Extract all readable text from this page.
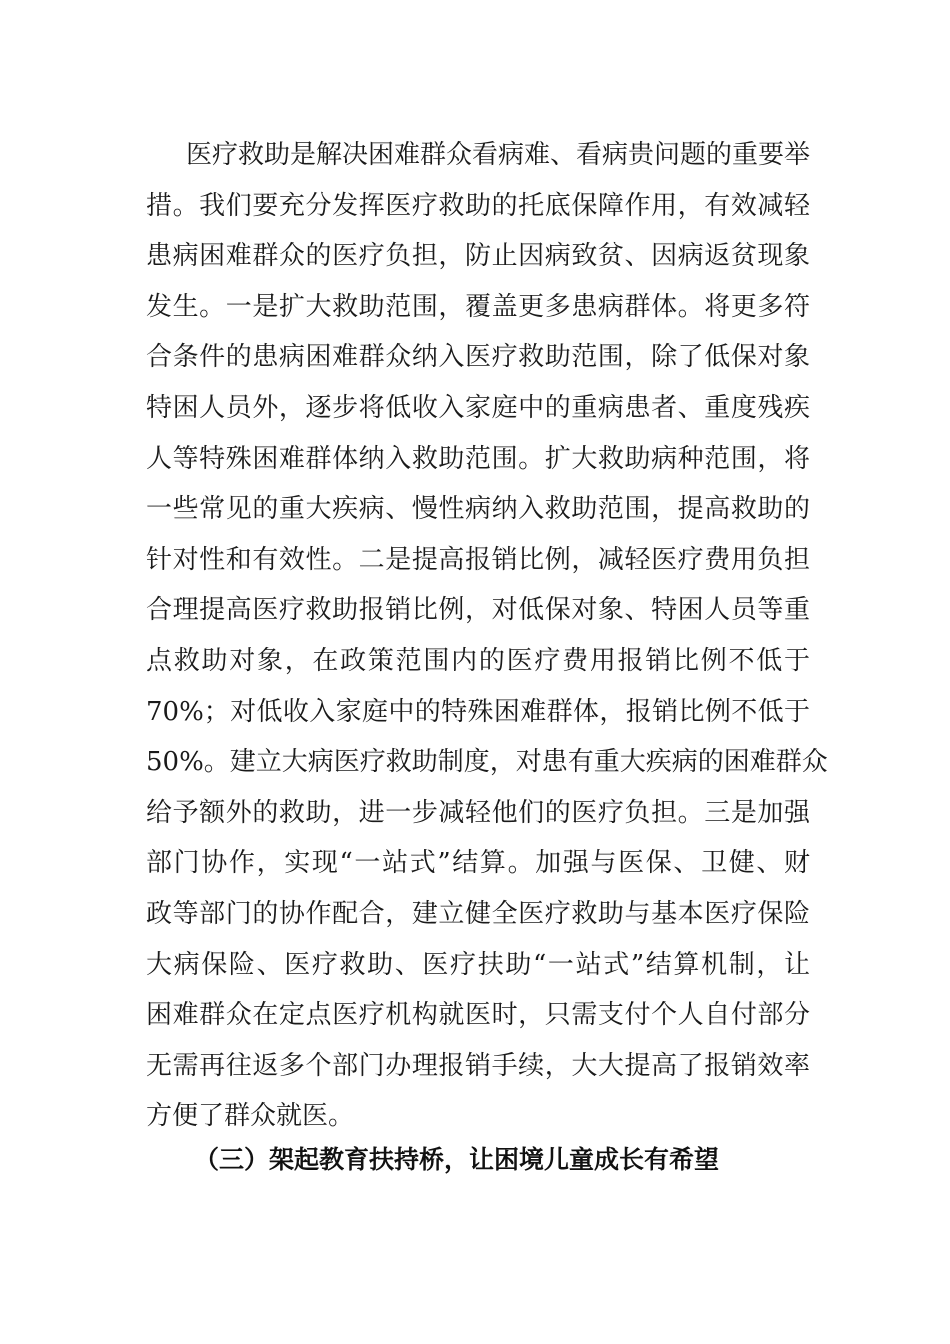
医疗救助是解决困难群众看病难、看病贵问题的重要举
措。我们要充分发挥医疗救助的托底保障作用，有效减轻
患病困难群众的医疗负担，防止因病致贫、因病返贫现象
发生。一是扩大救助范围，覆盖更多患病群体。将更多符
合条件的患病困难群众纳入医疗救助范围，除了低保对象
特困人员外，逐步将低收入家庭中的重病患者、重度残疾
人等特殊困难群体纳入救助范围。扩大救助病种范围，将
一些常见的重大疾病、慢性病纳入救助范围，提高救助的
针对性和有效性。二是提高报销比例，减轻医疗费用负担
合理提高医疗救助报销比例，对低保对象、特困人员等重
点救助对象，在政策范围内的医疗费用报销比例不低于
70%；对低收入家庭中的特殊困难群体，报销比例不低于
50%。建立大病医疗救助制度，对患有重大疾病的困难群众
给予额外的救助，进一步减轻他们的医疗负担。三是加强
部门协作，实现“一站式”结算。加强与医保、卫健、财
政等部门的协作配合，建立健全医疗救助与基本医疗保险
大病保险、医疗救助、医疗扶助“一站式”结算机制，让
困难群众在定点医疗机构就医时，只需支付个人自付部分
无需再往返多个部门办理报销手续，大大提高了报销效率
方便了群众就医。
（三）架起教育扶持桥，让困境儿童成长有希望
